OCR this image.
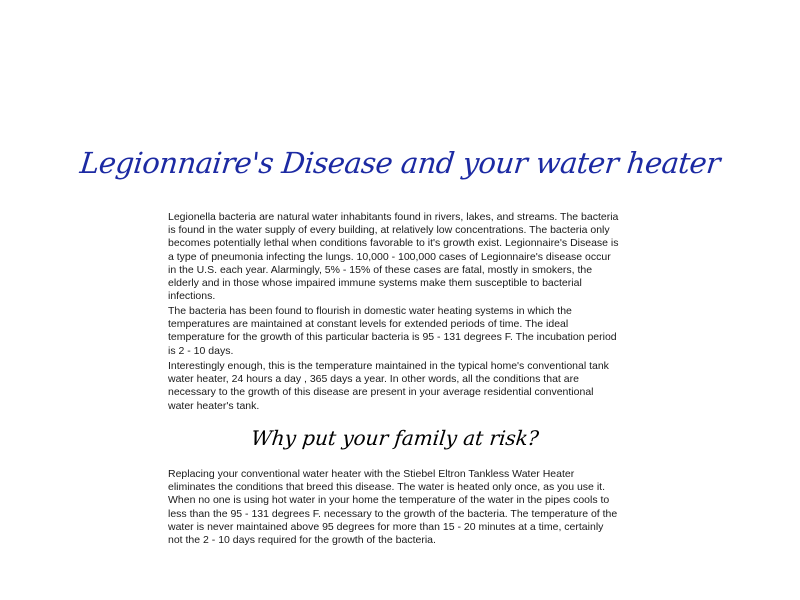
Legionnaire's Disease and your water heater

Legionella bacteria are natural water inhabitants found in rivers, lakes, and streams. The bacteria is found in the water supply of every building, at relatively low concentrations. The bacteria only becomes potentially lethal when conditions favorable to it's growth exist. Legionnaire's Disease is a type of pneumonia infecting the lungs. 10,000 - 100,000 cases of Legionnaire's disease occur in the U.S. each year. Alarmingly, 5% - 15% of these cases are fatal, mostly in smokers, the elderly and in those whose impaired immune systems make them susceptible to bacterial infections.

The bacteria has been found to flourish in domestic water heating systems in which the temperatures are maintained at constant levels for extended periods of time. The ideal temperature for the growth of this particular bacteria is 95 - 131 degrees F. The incubation period is 2 - 10 days.

Interestingly enough, this is the temperature maintained in the typical home's conventional tank water heater, 24 hours a day , 365 days a year. In other words, all the conditions that are necessary to the growth of this disease are present in your average residential conventional water heater's tank.

Why put your family at risk?

Replacing your conventional water heater with the Stiebel Eltron Tankless Water Heater eliminates the conditions that breed this disease. The water is heated only once, as you use it. When no one is using hot water in your home the temperature of the water in the pipes cools to less than the 95 - 131 degrees F. necessary to the growth of the bacteria. The temperature of the water is never maintained above 95 degrees for more than 15 - 20 minutes at a time, certainly not the 2 - 10 days required for the growth of the bacteria.
